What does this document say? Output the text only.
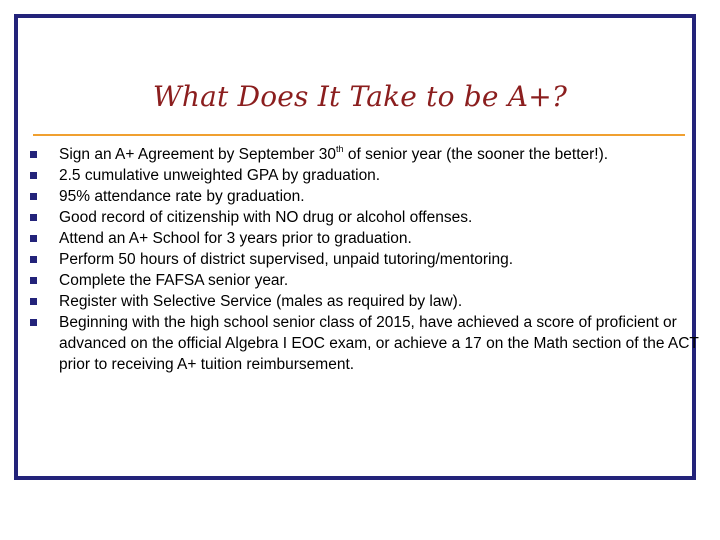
What Does It Take to be A+?
Sign an A+ Agreement by September 30th of senior year (the sooner the better!).
2.5 cumulative unweighted GPA by graduation.
95% attendance rate by graduation.
Good record of citizenship with NO drug or alcohol offenses.
Attend an A+ School for 3 years prior to graduation.
Perform 50 hours of district supervised, unpaid tutoring/mentoring.
Complete the FAFSA senior year.
Register with Selective Service (males as required by law).
Beginning with the high school senior class of 2015, have achieved a score of proficient or advanced on the official Algebra I EOC exam, or achieve a 17 on the Math section of the ACT prior to receiving A+ tuition reimbursement.
